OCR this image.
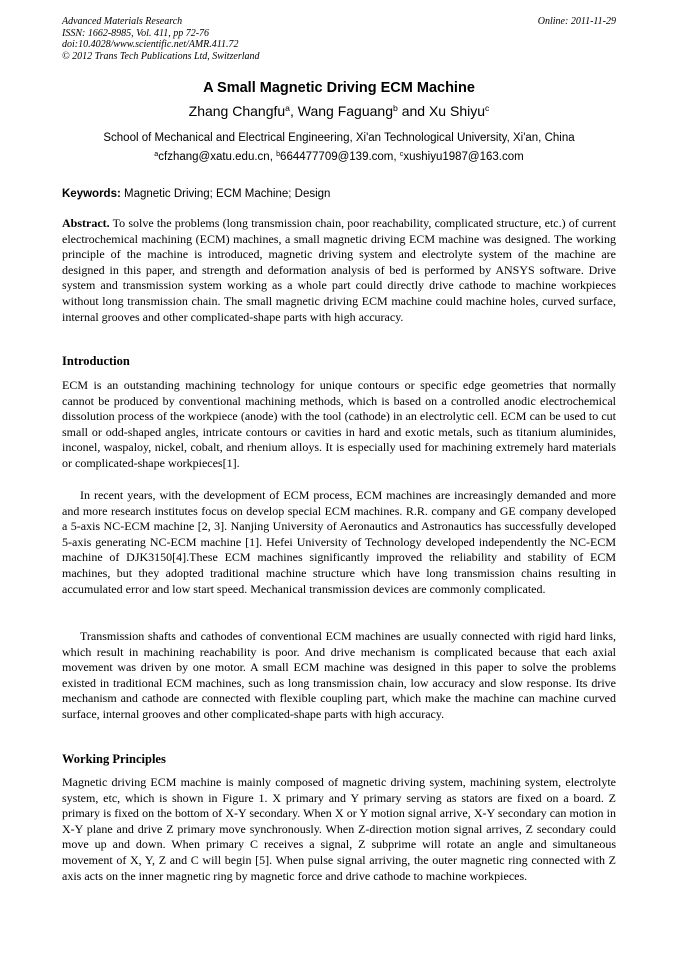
Advanced Materials Research
ISSN: 1662-8985, Vol. 411, pp 72-76
doi:10.4028/www.scientific.net/AMR.411.72
© 2012 Trans Tech Publications Ltd, Switzerland
Online: 2011-11-29
A Small Magnetic Driving ECM Machine
Zhang Changfu$^a$, Wang Faguang$^b$ and Xu Shiyu$^c$
School of Mechanical and Electrical Engineering, Xi'an Technological University, Xi'an, China
$^a$cfzhang@xatu.edu.cn, $^b$664477709@139.com, $^c$xushiyu1987@163.com
Keywords: Magnetic Driving; ECM Machine; Design

Abstract. To solve the problems (long transmission chain, poor reachability, complicated structure, etc.) of current electrochemical machining (ECM) machines, a small magnetic driving ECM machine was designed. The working principle of the machine is introduced, magnetic driving system and electrolyte system of the machine are designed in this paper, and strength and deformation analysis of bed is performed by ANSYS software. Drive system and transmission system working as a whole part could directly drive cathode to machine workpieces without long transmission chain. The small magnetic driving ECM machine could machine holes, curved surface, internal grooves and other complicated-shape parts with high accuracy.

Introduction

ECM is an outstanding machining technology for unique contours or specific edge geometries that normally cannot be produced by conventional machining methods, which is based on a controlled anodic electrochemical dissolution process of the workpiece (anode) with the tool (cathode) in an electrolytic cell. ECM can be used to cut small or odd-shaped angles, intricate contours or cavities in hard and exotic metals, such as titanium aluminides, inconel, waspaloy, nickel, cobalt, and rhenium alloys. It is especially used for machining extremely hard materials or complicated-shape workpieces[1].

In recent years, with the development of ECM process, ECM machines are increasingly demanded and more and more research institutes focus on develop special ECM machines. R.R. company and GE company developed a 5-axis NC-ECM machine [2, 3]. Nanjing University of Aeronautics and Astronautics has successfully developed 5-axis generating NC-ECM machine [1]. Hefei University of Technology developed independently the NC-ECM machine of DJK3150[4].These ECM machines significantly improved the reliability and stability of ECM machines, but they adopted traditional machine structure which have long transmission chains resulting in accumulated error and low start speed. Mechanical transmission devices are commonly complicated.

Transmission shafts and cathodes of conventional ECM machines are usually connected with rigid hard links, which result in machining reachability is poor. And drive mechanism is complicated because that each axial movement was driven by one motor. A small ECM machine was designed in this paper to solve the problems existed in traditional ECM machines, such as long transmission chain, low accuracy and slow response. Its drive mechanism and cathode are connected with flexible coupling part, which make the machine can machine curved surface, internal grooves and other complicated-shape parts with high accuracy.

Working Principles

Magnetic driving ECM machine is mainly composed of magnetic driving system, machining system, electrolyte system, etc, which is shown in Figure 1. X primary and Y primary serving as stators are fixed on a board. Z primary is fixed on the bottom of X-Y secondary. When X or Y motion signal arrive, X-Y secondary can motion in X-Y plane and drive Z primary move synchronously. When Z-direction motion signal arrives, Z secondary could move up and down. When primary C receives a signal, Z subprime will rotate an angle and simultaneous movement of X, Y, Z and C will begin [5]. When pulse signal arriving, the outer magnetic ring connected with Z axis acts on the inner magnetic ring by magnetic force and drive cathode to machine workpieces.
